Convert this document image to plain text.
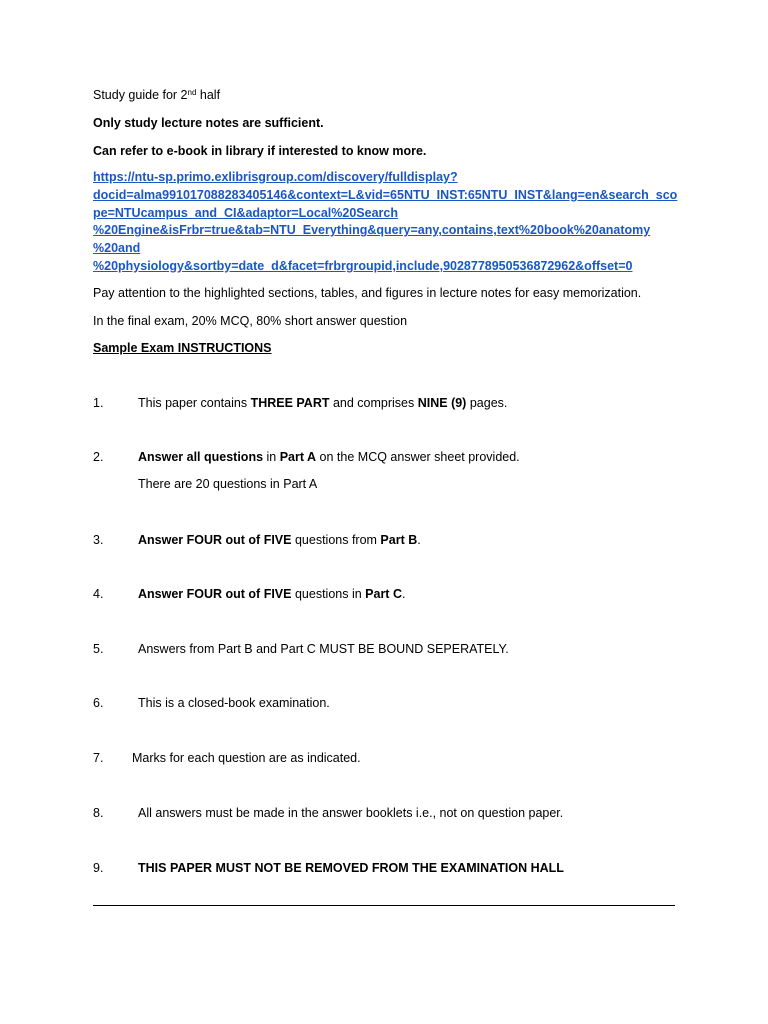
Study guide for 2nd half
Only study lecture notes are sufficient.
Can refer to e-book in library if interested to know more.
https://ntu-sp.primo.exlibrisgroup.com/discovery/fulldisplay?
docid=alma991017088283405146&context=L&vid=65NTU_INST:65NTU_INST&lang=en&search_sco
pe=NTUcampus_and_CI&adaptor=Local%20Search
%20Engine&isFrbr=true&tab=NTU_Everything&query=any,contains,text%20book%20anatomy
%20and
%20physiology&sortby=date_d&facet=frbrgroupid,include,9028778950536872962&offset=0
Pay attention to the highlighted sections, tables, and figures in lecture notes for easy memorization.
In the final exam, 20% MCQ, 80% short answer question
Sample Exam INSTRUCTIONS
1.	This paper contains THREE PART and comprises NINE (9) pages.
2.	Answer all questions in Part A on the MCQ answer sheet provided.
There are 20 questions in Part A
3.	Answer FOUR out of FIVE questions from Part B.
4.	Answer FOUR out of FIVE questions in Part C.
5.	Answers from Part B and Part C MUST BE BOUND SEPERATELY.
6.	This is a closed-book examination.
7. Marks for each question are as indicated.
8.	All answers must be made in the answer booklets i.e., not on question paper.
9.	THIS PAPER MUST NOT BE REMOVED FROM THE EXAMINATION HALL
